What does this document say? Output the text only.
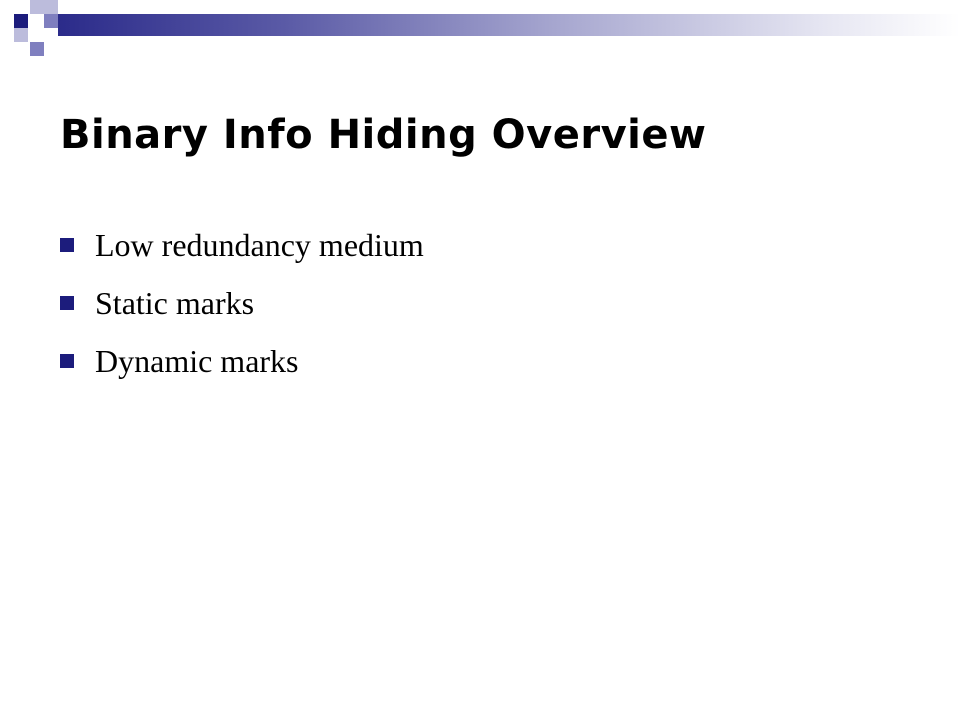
Binary Info Hiding Overview
Low redundancy medium
Static marks
Dynamic marks
